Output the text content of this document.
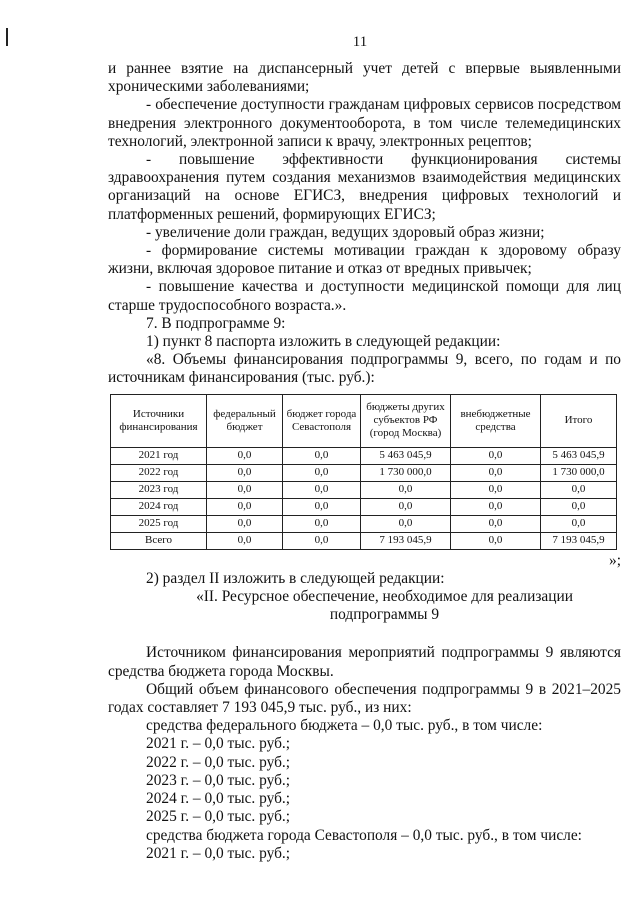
11

и раннее взятие на диспансерный учет детей с впервые выявленными хроническими заболеваниями;

- обеспечение доступности гражданам цифровых сервисов посредством внедрения электронного документооборота, в том числе телемедицинских технологий, электронной записи к врачу, электронных рецептов;

- повышение эффективности функционирования системы здравоохранения путем создания механизмов взаимодействия медицинских организаций на основе ЕГИСЗ, внедрения цифровых технологий и платформенных решений, формирующих ЕГИСЗ;

- увеличение доли граждан, ведущих здоровый образ жизни;

- формирование системы мотивации граждан к здоровому образу жизни, включая здоровое питание и отказ от вредных привычек;

- повышение качества и доступности медицинской помощи для лиц старше трудоспособного возраста.».

7. В подпрограмме 9:

1) пункт 8 паспорта изложить в следующей редакции:

«8. Объемы финансирования подпрограммы 9, всего, по годам и по источникам финансирования (тыс. руб.):

Источники финансирования	федеральный бюджет	бюджет города Севастополя	бюджеты других субъектов РФ (город Москва)	внебюджетные средства	Итого
2021 год	0,0	0,0	5 463 045,9	0,0	5 463 045,9
2022 год	0,0	0,0	1 730 000,0	0,0	1 730 000,0
2023 год	0,0	0,0	0,0	0,0	0,0
2024 год	0,0	0,0	0,0	0,0	0,0
2025 год	0,0	0,0	0,0	0,0	0,0
Всего	0,0	0,0	7 193 045,9	0,0	7 193 045,9

»;

2) раздел II изложить в следующей редакции:

«II. Ресурсное обеспечение, необходимое для реализации

подпрограммы 9

Источником финансирования мероприятий подпрограммы 9 являются средства бюджета города Москвы.

Общий объем финансового обеспечения подпрограммы 9 в 2021–2025 годах составляет 7 193 045,9 тыс. руб., из них:

средства федерального бюджета – 0,0 тыс. руб., в том числе:

2021 г. – 0,0 тыс. руб.;

2022 г. – 0,0 тыс. руб.;

2023 г. – 0,0 тыс. руб.;

2024 г. – 0,0 тыс. руб.;

2025 г. – 0,0 тыс. руб.;

средства бюджета города Севастополя – 0,0 тыс. руб., в том числе:

2021 г. – 0,0 тыс. руб.;
